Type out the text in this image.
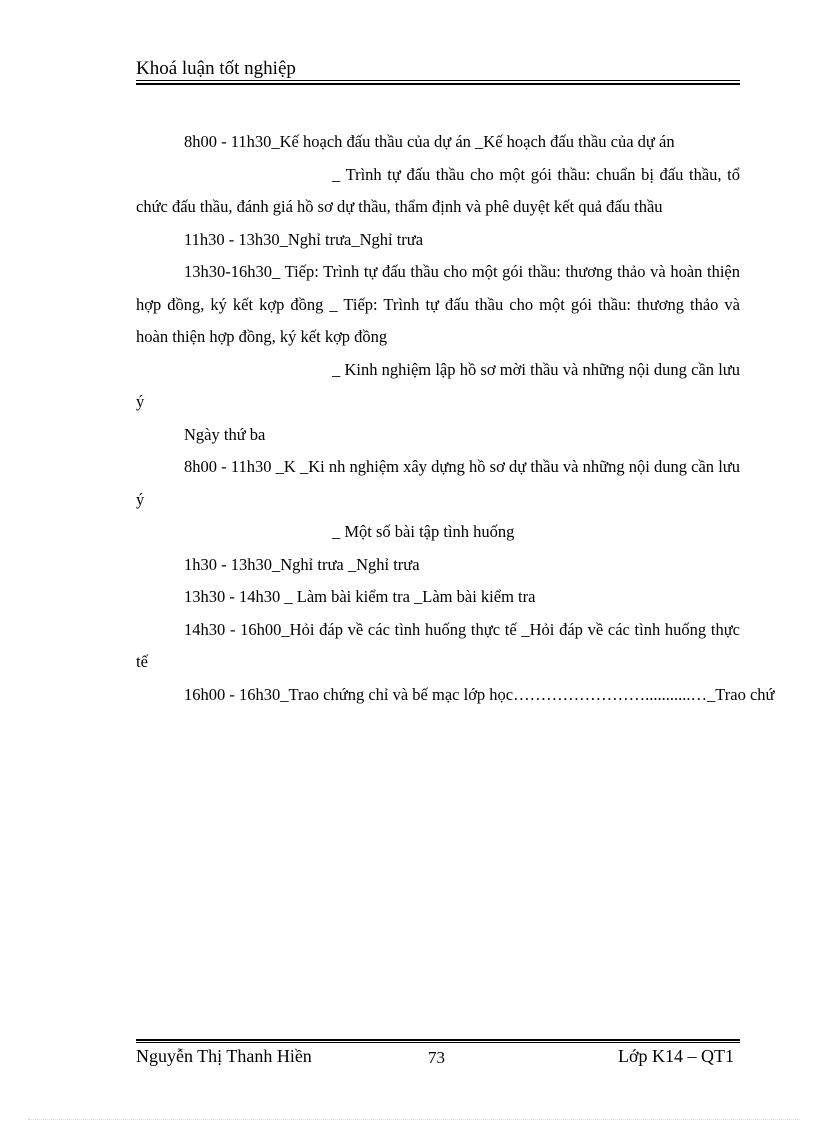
Khoá luận tốt nghiệp

8h00 - 11h30_Kế hoạch đấu thầu của dự án _Kế hoạch đấu thầu của dự án

_ Trình tự đấu thầu cho một gói thầu: chuẩn bị đấu thầu, tổ chức đấu thầu, đánh giá hồ sơ dự thầu, thẩm định và phê duyệt kết quả đấu thầu

11h30 - 13h30_Nghỉ trưa_Nghỉ trưa

13h30-16h30_ Tiếp: Trình tự đấu thầu cho một gói thầu: thương thảo và hoàn thiện hợp đồng, ký kết kợp đồng _ Tiếp: Trình tự đấu thầu cho một gói thầu: thương thảo và hoàn thiện hợp đồng, ký kết kợp đồng

_ Kinh nghiệm lập hồ sơ mời thầu và những nội dung cần lưu ý

Ngày thứ ba

8h00 - 11h30 _K _Ki nh nghiệm xây dựng hồ sơ dự thầu và những nội dung cần lưu ý

_ Một số bài tập tình huống

1h30 - 13h30_Nghỉ trưa _Nghỉ trưa

13h30 - 14h30 _ Làm bài kiểm tra _Làm bài kiểm tra

14h30 - 16h00_Hỏi đáp về các tình huống thực tế _Hỏi đáp về các tình huống thực tế

16h00 - 16h30_Trao chứng chỉ và bế mạc lớp học……………………...........…_Trao chứ

Nguyễn Thị Thanh Hiền	73	Lớp K14 – QT1
